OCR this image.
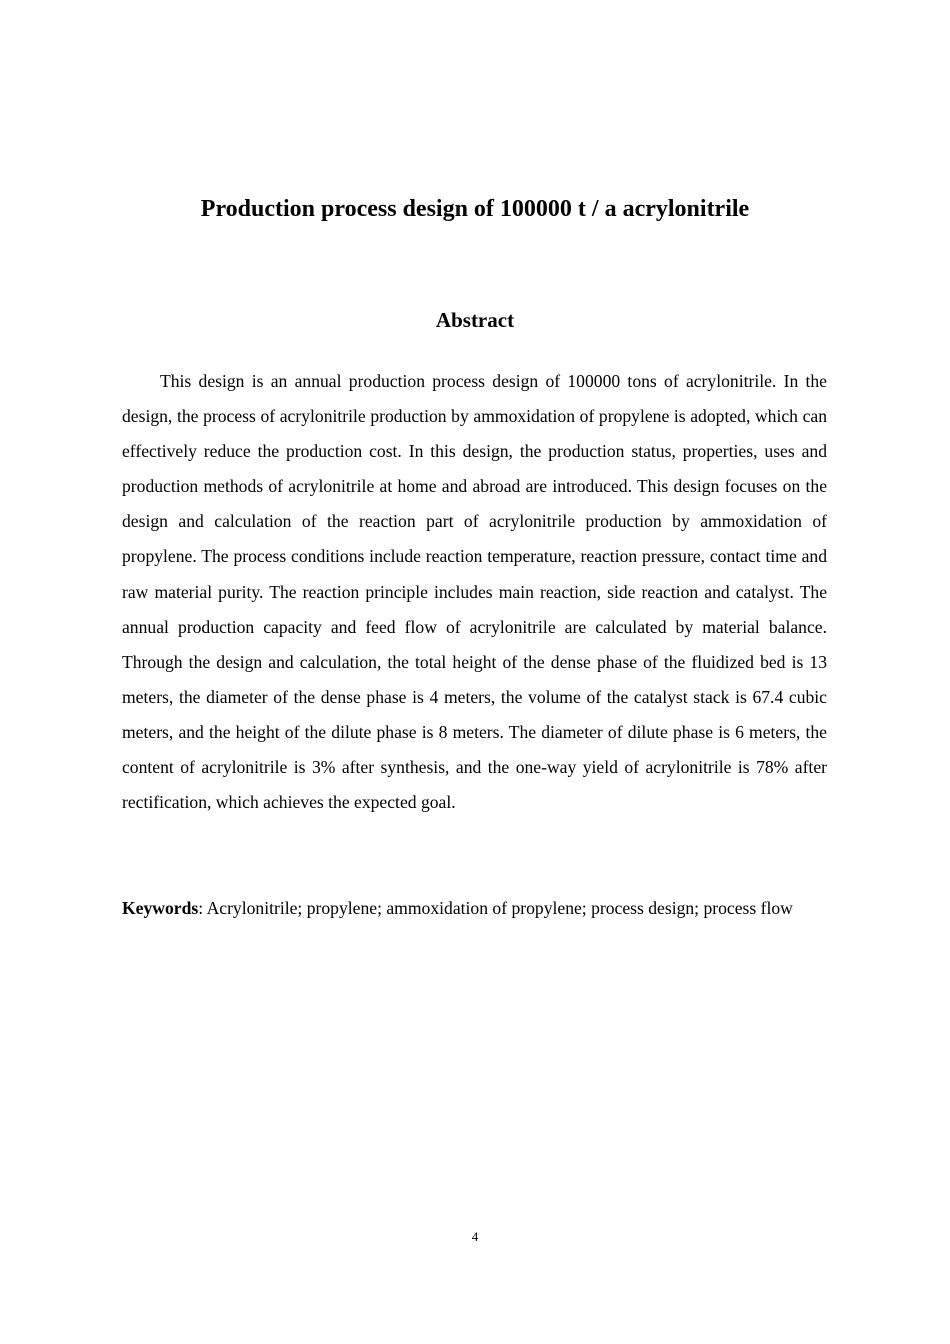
Production process design of 100000 t / a acrylonitrile
Abstract

This design is an annual production process design of 100000 tons of acrylonitrile. In the design, the process of acrylonitrile production by ammoxidation of propylene is adopted, which can effectively reduce the production cost. In this design, the production status, properties, uses and production methods of acrylonitrile at home and abroad are introduced. This design focuses on the design and calculation of the reaction part of acrylonitrile production by ammoxidation of propylene. The process conditions include reaction temperature, reaction pressure, contact time and raw material purity. The reaction principle includes main reaction, side reaction and catalyst. The annual production capacity and feed flow of acrylonitrile are calculated by material balance. Through the design and calculation, the total height of the dense phase of the fluidized bed is 13 meters, the diameter of the dense phase is 4 meters, the volume of the catalyst stack is 67.4 cubic meters, and the height of the dilute phase is 8 meters. The diameter of dilute phase is 6 meters, the content of acrylonitrile is 3% after synthesis, and the one-way yield of acrylonitrile is 78% after rectification, which achieves the expected goal.

Keywords: Acrylonitrile; propylene; ammoxidation of propylene; process design; process flow

4
